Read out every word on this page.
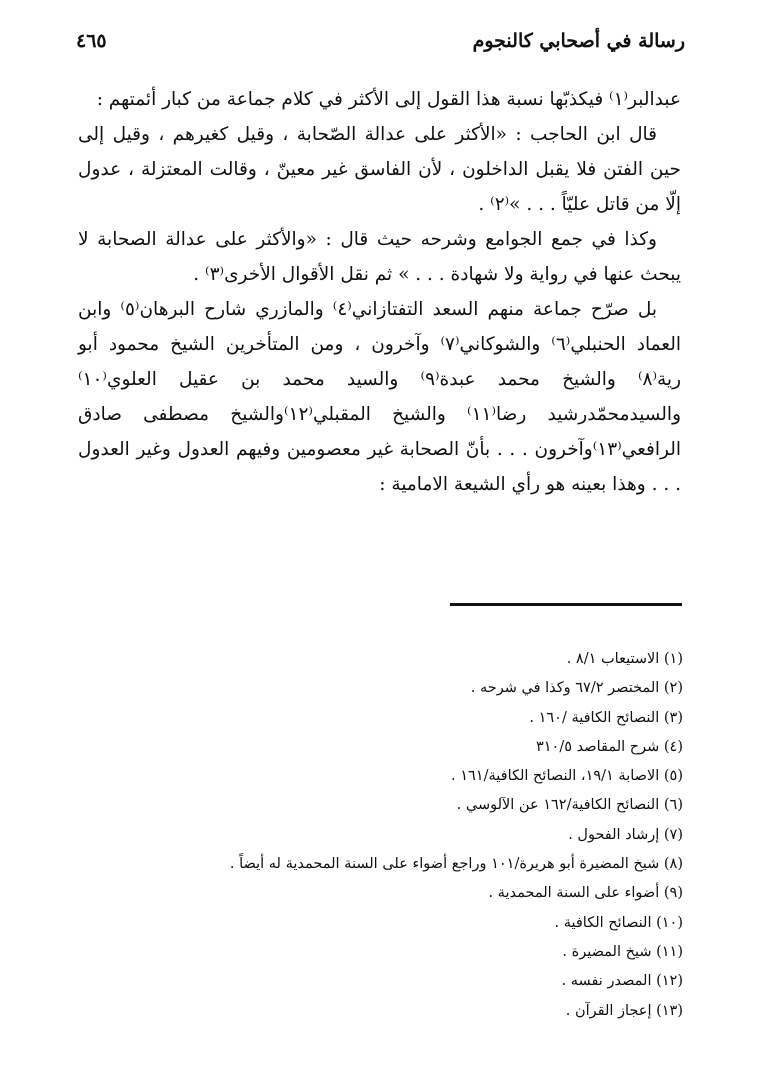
رسالة في أصحابي كالنجوم
٤٦٥

عبدالبر⁽١⁾ فيكذبّها نسبة هذا القول إلى الأكثر في كلام جماعة من كبار أئمتهم :

قال ابن الحاجب : «الأكثر على عدالة الصّحابة ، وقيل كغيرهم ، وقيل إلى حين الفتن فلا يقبل الداخلون ، لأن الفاسق غير معينّ ، وقالت المعتزلة ، عدول إلّا من قاتل عليّاً . . . »⁽٢⁾ .

وكذا في جمع الجوامع وشرحه حيث قال : «والأكثر على عدالة الصحابة لا يبحث عنها في رواية ولا شهادة . . . » ثم نقل الأقوال الأخرى⁽٣⁾ .

بل صرّح جماعة منهم السعد التفتازاني⁽٤⁾ والمازري شارح البرهان⁽٥⁾ وابن العماد الحنبلي⁽٦⁾ والشوكاني⁽٧⁾ وآخرون ، ومن المتأخرين الشيخ محمود أبو رية⁽٨⁾ والشيخ محمد عبدة⁽٩⁾ والسيد محمد بن عقيل العلوي⁽١٠⁾والسيدمحمّدرشيد رضا⁽١١⁾ والشيخ المقبلي⁽١٢⁾والشيخ مصطفى صادق الرافعي⁽١٣⁾وآخرون . . . بأنّ الصحابة غير معصومين وفيهم العدول وغير العدول . . . وهذا بعينه هو رأي الشيعة الامامية :

(١) الاستيعاب ٨/١ .
(٢) المختصر ٦٧/٢ وكذا في شرحه .
(٣) النصائح الكافية /١٦٠ .
(٤) شرح المقاصد ٣١٠/٥
(٥) الاصابة ١٩/١، النصائح الكافية/١٦١ .
(٦) النصائح الكافية/١٦٢ عن الآلوسي .
(٧) إرشاد الفحول .
(٨) شيخ المضيرة أبو هريرة/١٠١ وراجع أضواء على السنة المحمدية له أيضاً .
(٩) أضواء على السنة المحمدية .
(١٠) النصائح الكافية .
(١١) شيخ المضيرة .
(١٢) المصدر نفسه .
(١٣) إعجاز القرآن .
